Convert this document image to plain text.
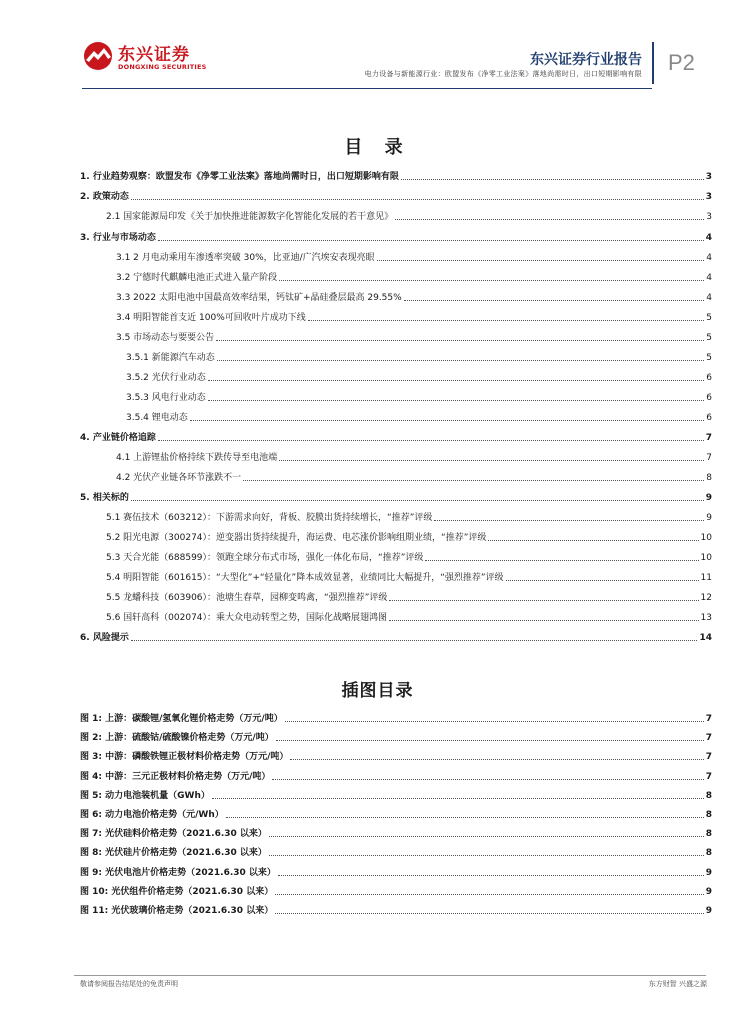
东兴证券
DONGXING SECURITIES	东兴证券行业报告
电力设备与新能源行业：欧盟发布《净零工业法案》落地尚需时日，出口短期影响有限 P2
目 录
1. 行业趋势观察：欧盟发布《净零工业法案》落地尚需时日，出口短期影响有限	3
2. 政策动态	3
2.1 国家能源局印发《关于加快推进能源数字化智能化发展的若干意见》	3
3. 行业与市场动态	4
3.1 2 月电动乘用车渗透率突破 30%，比亚迪/广汽埃安表现亮眼	4
3.2 宁德时代麒麟电池正式进入量产阶段	4
3.3 2022 太阳电池中国最高效率结果，钙钛矿+晶硅叠层最高 29.55%	4
3.4 明阳智能首支近 100%可回收叶片成功下线	5
3.5 市场动态与要要公告	5
3.5.1 新能源汽车动态	5
3.5.2 光伏行业动态	6
3.5.3 风电行业动态	6
3.5.4 锂电动态	6
4. 产业链价格追踪	7
4.1 上游锂盐价格持续下跌传导至电池端	7
4.2 光伏产业链各环节涨跌不一	8
5. 相关标的	9
5.1 赛伍技术（603212）：下游需求向好，背板、胶膜出货持续增长，“推荐”评级	9
5.2 阳光电源（300274）：逆变器出货持续提升，海运费、电芯涨价影响组期业绩，“推荐”评级	10
5.3 天合光能（688599）：领跑全球分布式市场，强化一体化布局，“推荐”评级	10
5.4 明阳智能（601615）：“大型化”+“轻量化”降本成效显著，业绩同比大幅提升，“强烈推荐”评级	11
5.5 龙蟠科技（603906）：池塘生春草，园柳变鸣禽，“强烈推荐”评级	12
5.6 国轩高科（002074）：乘大众电动转型之势，国际化战略展翅鸿图	13
6. 风险提示	14
插图目录
图 1: 上游：碳酸锂/氢氧化锂价格走势（万元/吨）	7
图 2: 上游：硫酸钴/硫酸镍价格走势（万元/吨）	7
图 3: 中游：磷酸铁锂正极材料价格走势（万元/吨）	7
图 4: 中游：三元正极材料价格走势（万元/吨）	7
图 5: 动力电池装机量（GWh）	8
图 6: 动力电池价格走势（元/Wh）	8
图 7: 光伏硅料价格走势（2021.6.30 以来）	8
图 8: 光伏硅片价格走势（2021.6.30 以来）	8
图 9: 光伏电池片价格走势（2021.6.30 以来）	9
图 10: 光伏组件价格走势（2021.6.30 以来）	9
图 11: 光伏玻璃价格走势（2021.6.30 以来）	9
敬请参阅报告结尾处的免责声明	东方财智 兴盛之源
